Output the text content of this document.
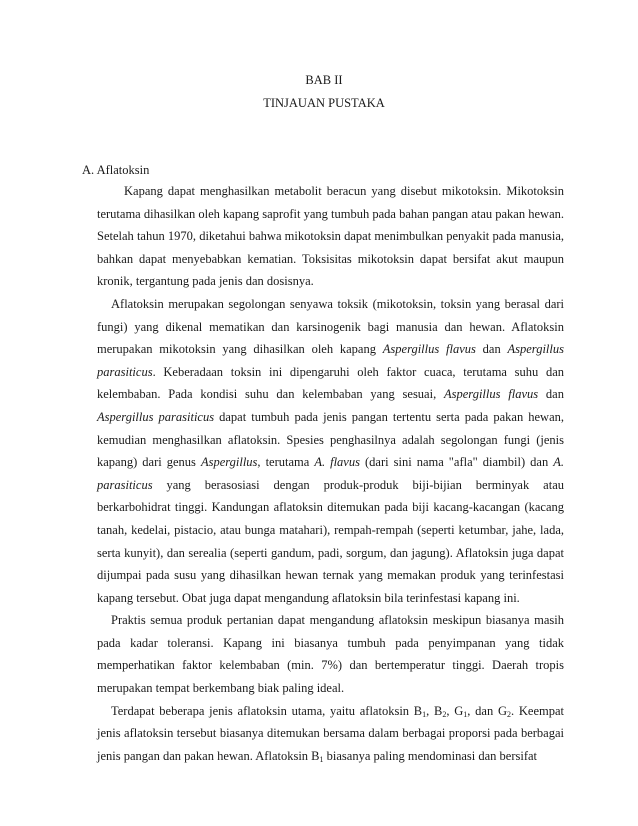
BAB II
TINJAUAN PUSTAKA
A. Aflatoksin

Kapang dapat menghasilkan metabolit beracun yang disebut mikotoksin. Mikotoksin terutama dihasilkan oleh kapang saprofit yang tumbuh pada bahan pangan atau pakan hewan. Setelah tahun 1970, diketahui bahwa mikotoksin dapat menimbulkan penyakit pada manusia, bahkan dapat menyebabkan kematian. Toksisitas mikotoksin dapat bersifat akut maupun kronik, tergantung pada jenis dan dosisnya.

Aflatoksin merupakan segolongan senyawa toksik (mikotoksin, toksin yang berasal dari fungi) yang dikenal mematikan dan karsinogenik bagi manusia dan hewan. Aflatoksin merupakan mikotoksin yang dihasilkan oleh kapang Aspergillus flavus dan Aspergillus parasiticus. Keberadaan toksin ini dipengaruhi oleh faktor cuaca, terutama suhu dan kelembaban. Pada kondisi suhu dan kelembaban yang sesuai, Aspergillus flavus dan Aspergillus parasiticus dapat tumbuh pada jenis pangan tertentu serta pada pakan hewan, kemudian menghasilkan aflatoksin. Spesies penghasilnya adalah segolongan fungi (jenis kapang) dari genus Aspergillus, terutama A. flavus (dari sini nama "afla" diambil) dan A. parasiticus yang berasosiasi dengan produk-produk biji-bijian berminyak atau berkarbohidrat tinggi. Kandungan aflatoksin ditemukan pada biji kacang-kacangan (kacang tanah, kedelai, pistacio, atau bunga matahari), rempah-rempah (seperti ketumbar, jahe, lada, serta kunyit), dan serealia (seperti gandum, padi, sorgum, dan jagung). Aflatoksin juga dapat dijumpai pada susu yang dihasilkan hewan ternak yang memakan produk yang terinfestasi kapang tersebut. Obat juga dapat mengandung aflatoksin bila terinfestasi kapang ini.

Praktis semua produk pertanian dapat mengandung aflatoksin meskipun biasanya masih pada kadar toleransi. Kapang ini biasanya tumbuh pada penyimpanan yang tidak memperhatikan faktor kelembaban (min. 7%) dan bertemperatur tinggi. Daerah tropis merupakan tempat berkembang biak paling ideal.

Terdapat beberapa jenis aflatoksin utama, yaitu aflatoksin $B_1$, $B_2$, $G_1$, dan $G_2$. Keempat jenis aflatoksin tersebut biasanya ditemukan bersama dalam berbagai proporsi pada berbagai jenis pangan dan pakan hewan. Aflatoksin $B_1$ biasanya paling mendominasi dan bersifat
